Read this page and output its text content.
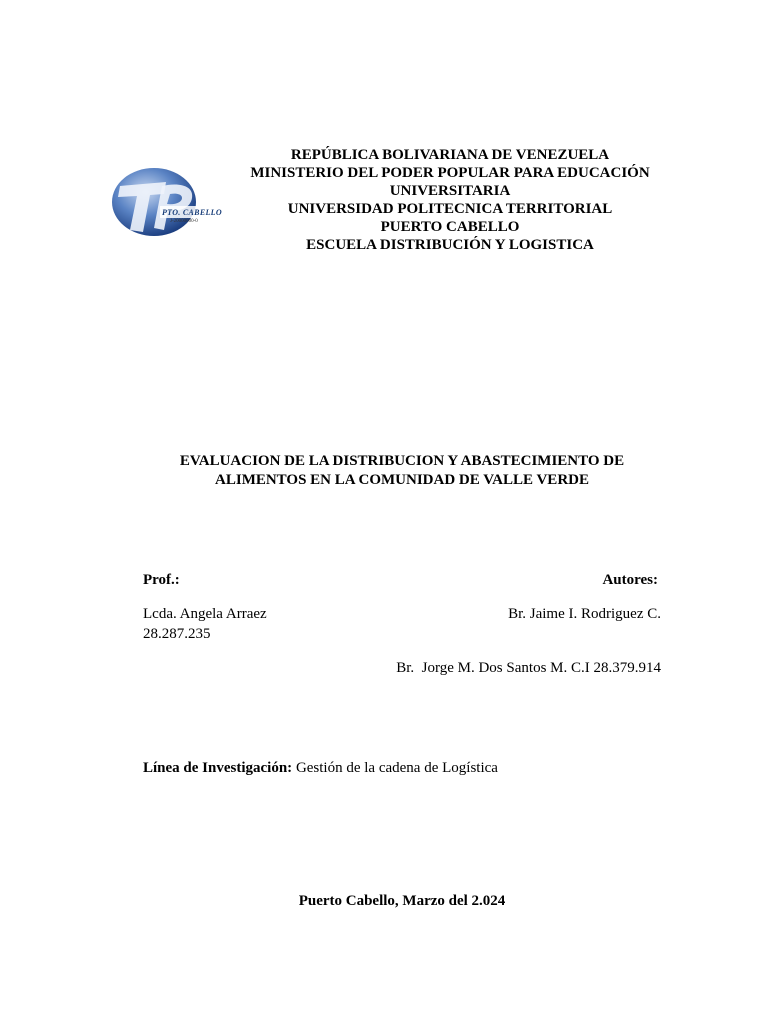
PTO. CABELLO
J-20000000-0
REPÚBLICA BOLIVARIANA DE VENEZUELA
MINISTERIO DEL PODER POPULAR PARA EDUCACIÓN
UNIVERSITARIA
UNIVERSIDAD POLITECNICA TERRITORIAL
PUERTO CABELLO
ESCUELA DISTRIBUCIÓN Y LOGISTICA
EVALUACION DE LA DISTRIBUCION Y ABASTECIMIENTO DE
ALIMENTOS EN LA COMUNIDAD DE VALLE VERDE
Prof.:	Autores:
Lcda. Angela Arraez
28.287.235
Br. Jaime I. Rodriguez C.
Br.  Jorge M. Dos Santos M. C.I 28.379.914
Línea de Investigación: Gestión de la cadena de Logística
Puerto Cabello, Marzo del 2.024
